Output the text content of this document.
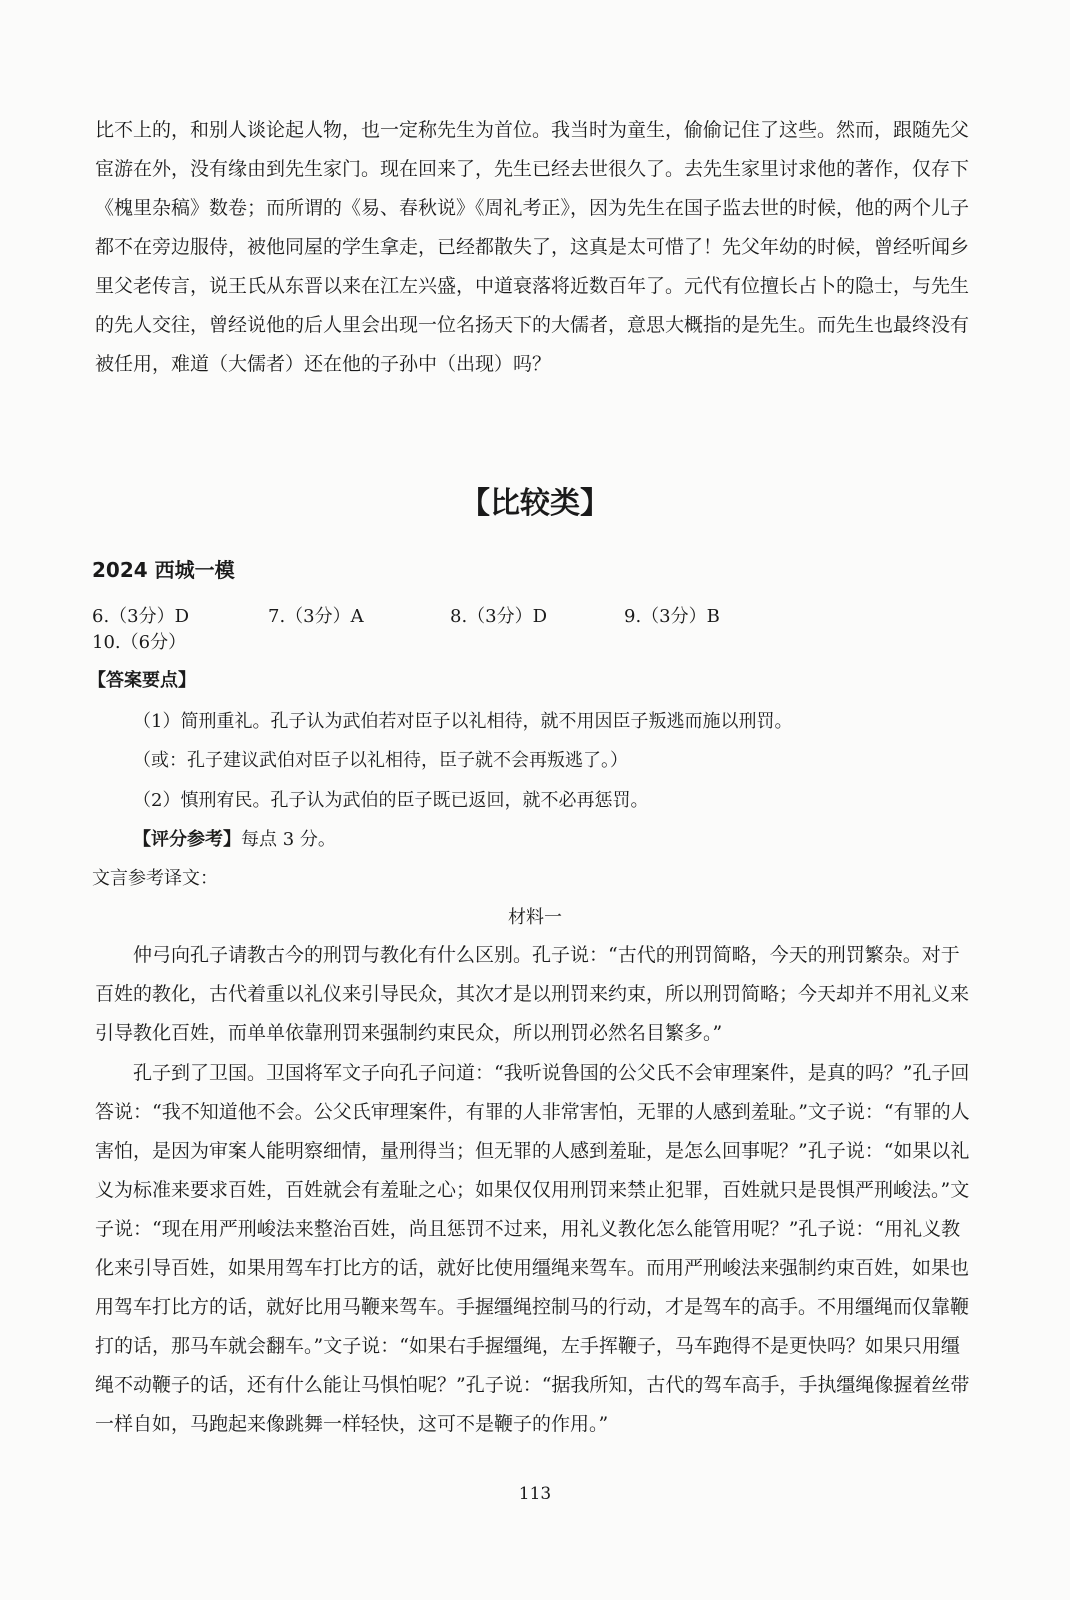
比不上的，和别人谈论起人物，也一定称先生为首位。我当时为童生，偷偷记住了这些。然而，跟随先父宦游在外，没有缘由到先生家门。现在回来了，先生已经去世很久了。去先生家里讨求他的著作，仅存下《槐里杂稿》数卷；而所谓的《易、春秋说》《周礼考正》，因为先生在国子监去世的时候，他的两个儿子都不在旁边服侍，被他同屋的学生拿走，已经都散失了，这真是太可惜了！先父年幼的时候，曾经听闻乡里父老传言，说王氏从东晋以来在江左兴盛，中道衰落将近数百年了。元代有位擅长占卜的隐士，与先生的先人交往，曾经说他的后人里会出现一位名扬天下的大儒者，意思大概指的是先生。而先生也最终没有被任用，难道（大儒者）还在他的子孙中（出现）吗？

【比较类】
2024 西城一模
6.（3分）D	7.（3分）A	8.（3分）D	9.（3分）B

10.（6分）

【答案要点】

（1）简刑重礼。孔子认为武伯若对臣子以礼相待，就不用因臣子叛逃而施以刑罚。

（或：孔子建议武伯对臣子以礼相待，臣子就不会再叛逃了。）

（2）慎刑宥民。孔子认为武伯的臣子既已返回，就不必再惩罚。

【评分参考】每点 3 分。

文言参考译文：

材料一

仲弓向孔子请教古今的刑罚与教化有什么区别。孔子说：“古代的刑罚简略，今天的刑罚繁杂。对于百姓的教化，古代着重以礼仪来引导民众，其次才是以刑罚来约束，所以刑罚简略；今天却并不用礼义来引导教化百姓，而单单依靠刑罚来强制约束民众，所以刑罚必然名目繁多。”

孔子到了卫国。卫国将军文子向孔子问道：“我听说鲁国的公父氏不会审理案件，是真的吗？”孔子回答说：“我不知道他不会。公父氏审理案件，有罪的人非常害怕，无罪的人感到羞耻。”文子说：“有罪的人害怕，是因为审案人能明察细情，量刑得当；但无罪的人感到羞耻，是怎么回事呢？”孔子说：“如果以礼义为标准来要求百姓，百姓就会有羞耻之心；如果仅仅用刑罚来禁止犯罪，百姓就只是畏惧严刑峻法。”文子说：“现在用严刑峻法来整治百姓，尚且惩罚不过来，用礼义教化怎么能管用呢？”孔子说：“用礼义教化来引导百姓，如果用驾车打比方的话，就好比使用缰绳来驾车。而用严刑峻法来强制约束百姓，如果也用驾车打比方的话，就好比用马鞭来驾车。手握缰绳控制马的行动，才是驾车的高手。不用缰绳而仅靠鞭打的话，那马车就会翻车。”文子说：“如果右手握缰绳，左手挥鞭子，马车跑得不是更快吗？如果只用缰绳不动鞭子的话，还有什么能让马惧怕呢？”孔子说：“据我所知，古代的驾车高手，手执缰绳像握着丝带一样自如，马跑起来像跳舞一样轻快，这可不是鞭子的作用。”

113
